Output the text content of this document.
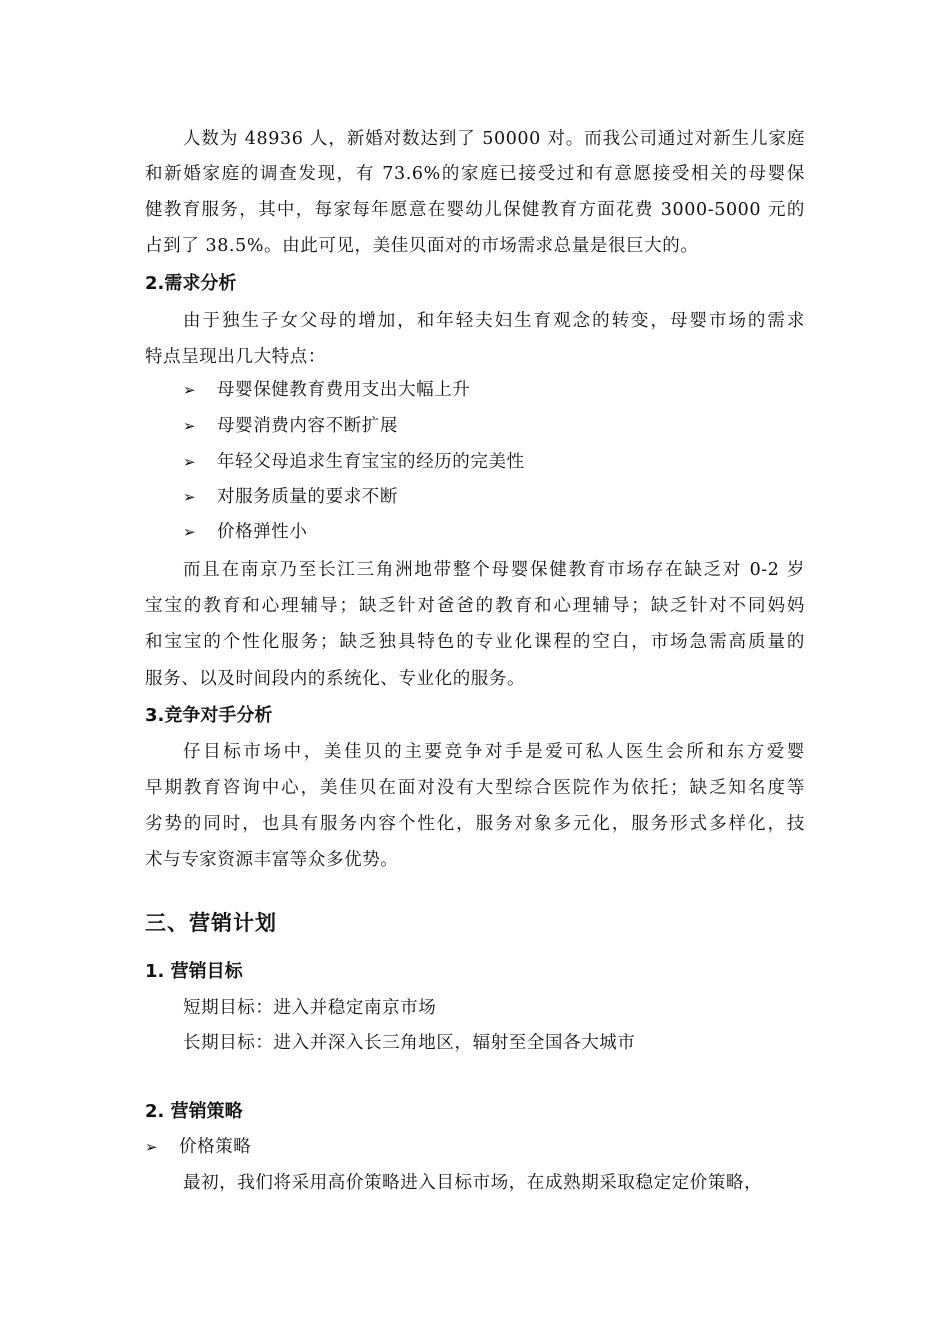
人数为 48936 人，新婚对数达到了 50000 对。而我公司通过对新生儿家庭
和新婚家庭的调查发现，有 73.6%的家庭已接受过和有意愿接受相关的母婴保
健教育服务，其中，每家每年愿意在婴幼儿保健教育方面花费 3000-5000 元的
占到了 38.5%。由此可见，美佳贝面对的市场需求总量是很巨大的。
2.需求分析
由于独生子女父母的增加，和年轻夫妇生育观念的转变，母婴市场的需求
特点呈现出几大特点：
➢ 母婴保健教育费用支出大幅上升
➢ 母婴消费内容不断扩展
➢ 年轻父母追求生育宝宝的经历的完美性
➢ 对服务质量的要求不断
➢ 价格弹性小
而且在南京乃至长江三角洲地带整个母婴保健教育市场存在缺乏对 0-2 岁
宝宝的教育和心理辅导；缺乏针对爸爸的教育和心理辅导；缺乏针对不同妈妈
和宝宝的个性化服务；缺乏独具特色的专业化课程的空白，市场急需高质量的
服务、以及时间段内的系统化、专业化的服务。
3.竞争对手分析
仔目标市场中，美佳贝的主要竞争对手是爱可私人医生会所和东方爱婴
早期教育咨询中心，美佳贝在面对没有大型综合医院作为依托；缺乏知名度等
劣势的同时，也具有服务内容个性化，服务对象多元化，服务形式多样化，技
术与专家资源丰富等众多优势。
三、营销计划
1. 营销目标
短期目标：进入并稳定南京市场
长期目标：进入并深入长三角地区，辐射至全国各大城市
2. 营销策略
➢ 价格策略
最初，我们将采用高价策略进入目标市场，在成熟期采取稳定定价策略，
